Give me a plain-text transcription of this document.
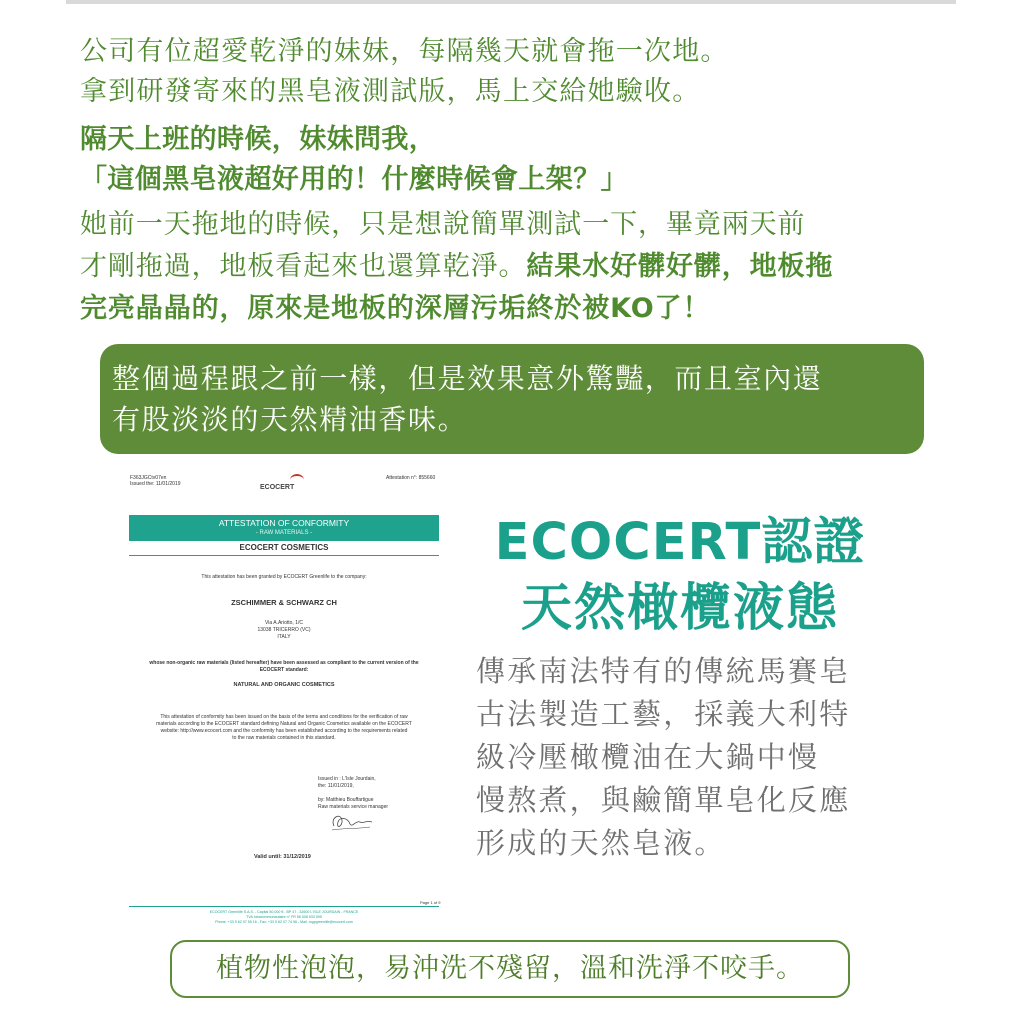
公司有位超愛乾淨的妹妹，每隔幾天就會拖一次地。

拿到研發寄來的黑皂液測試版，馬上交給她驗收。

隔天上班的時候，妹妹問我，

「這個黑皂液超好用的！什麼時候會上架？」

她前一天拖地的時候，只是想說簡單測試一下，畢竟兩天前

才剛拖過，地板看起來也還算乾淨。結果水好髒好髒，地板拖

完亮晶晶的，原來是地板的深層污垢終於被KO了！

整個過程跟之前一樣，但是效果意外驚豔，而且室內還
有股淡淡的天然精油香味。

F363JGCtv07en
Issued the: 11/01/2019
Attestation n°: 855660
ECOCERT
ATTESTATION OF CONFORMITY
- RAW MATERIALS -
ECOCERT COSMETICS
This attestation has been granted by ECOCERT Greenlife to the company:
ZSCHIMMER & SCHWARZ CH
Via A.Ariotto, 1/C
13038 TRICERRO (VC)
ITALY
whose non-organic raw materials (listed hereafter) have been assessed as compliant to the current version of the
ECOCERT standard:
NATURAL AND ORGANIC COSMETICS
This attestation of conformity has been issued on the basis of the terms and conditions for the verification of raw
materials according to the ECOCERT standard defining Natural and Organic Cosmetics available on the ECOCERT
website: http://www.ecocert.com and the conformity has been established according to the requirements related
to the raw materials contained in this standard.
Issued in : L'Isle Jourdain,
the: 11/01/2019,

by: Matthieu Bouffartigue
Raw materials service manager
Valid until: 31/12/2019
Page 1 of 9
ECOCERT Greenlife S.A.S. - Capital 50.000 € - BP 47 - 32600 L'ISLE JOURDAIN - FRANCE
TVA Intracommunautaire n° FR 56 508 533 595
Phone: +33 5 62 07 55 16 - Fax: +33 5 62 07 74 96 - Mail: mgpgreenlife@ecocert.com
ECOCERT認證
天然橄欖液態

傳承南法特有的傳統馬賽皂
古法製造工藝，採義大利特
級冷壓橄欖油在大鍋中慢
慢熬煮，與鹼簡單皂化反應
形成的天然皂液。

植物性泡泡，易沖洗不殘留，溫和洗淨不咬手。
